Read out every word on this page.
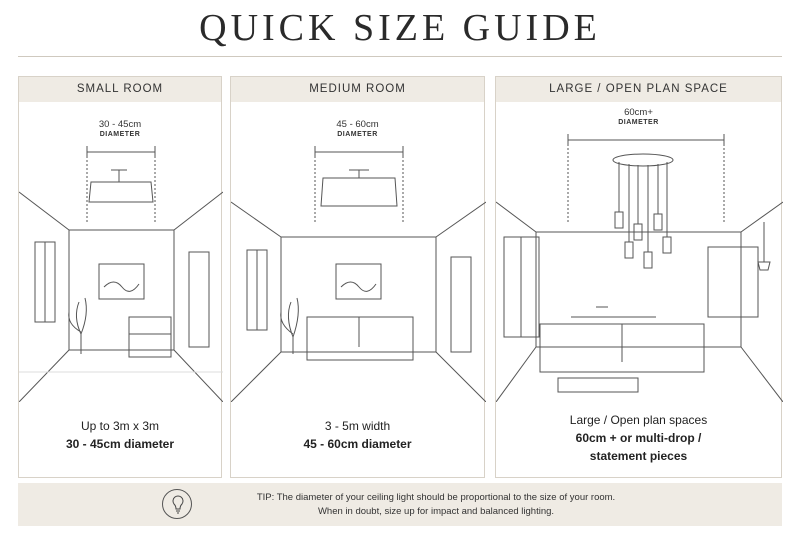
QUICK SIZE GUIDE
SMALL ROOM
30 - 45cm
DIAMETER
Up to 3m x 3m
30 - 45cm diameter
MEDIUM ROOM
45 - 60cm
DIAMETER
3 - 5m width
45 - 60cm diameter
LARGE / OPEN PLAN SPACE
60cm+
DIAMETER
Large / Open plan spaces
60cm + or multi-drop /
statement pieces
TIP: The diameter of your ceiling light should be proportional to the size of your room.
When in doubt, size up for impact and balanced lighting.
